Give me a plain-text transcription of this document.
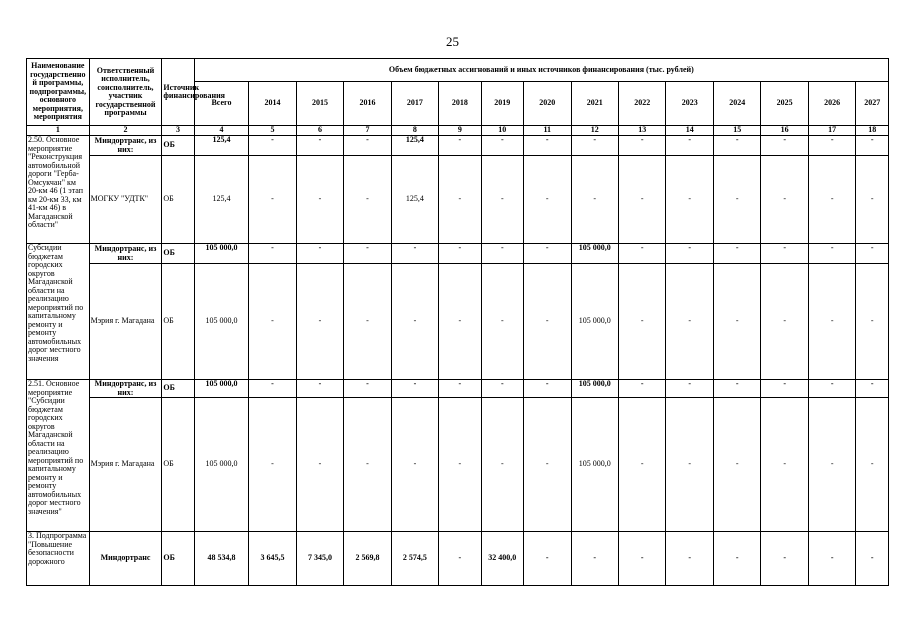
25
Наименование государственно й программы, подпрограммы, основного мероприятия, мероприятия	Ответственный исполнитель, соисполнитель, участник государственной программы	Источник финансирования	Объем бюджетных ассигнований и иных источников финансирования (тыс. рублей)														
			Всего	2014	2015	2016	2017	2018	2019	2020	2021	2022	2023	2024	2025	2026	2027
1	2	3	4	5	6	7	8	9	10	11	12	13	14	15	16	17	18
2.50. Основное мероприятие "Реконструкция автомобильной дороги "Герба-Омсукчан" км 20-км 46 (1 этап км 20-км 33, км 41-км 46) в Магаданской области"	Миндортранс, из них:	ОБ	125,4	-	-	-	125,4	-	-	-	-	-	-	-	-	-	-
	МОГКУ "УДТК"	ОБ	125,4	-	-	-	125,4	-	-	-	-	-	-	-	-	-	-
Субсидии бюджетам городских округов Магаданской области на реализацию мероприятий по капитальному ремонту и ремонту автомобильных дорог местного значения	Миндортранс, из них:	ОБ	105 000,0	-	-	-	-	-	-	-	105 000,0	-	-	-	-	-	-
	Мэрия г. Магадана	ОБ	105 000,0	-	-	-	-	-	-	-	105 000,0	-	-	-	-	-	-
2.51. Основное мероприятие "Субсидии бюджетам городских округов Магаданской области на реализацию мероприятий по капитальному ремонту и ремонту автомобильных дорог местного значения"	Миндортранс, из них:	ОБ	105 000,0	-	-	-	-	-	-	-	105 000,0	-	-	-	-	-	-
	Мэрия г. Магадана	ОБ	105 000,0	-	-	-	-	-	-	-	105 000,0	-	-	-	-	-	-
3. Подпрограмма "Повышение безопасности дорожного	Миндортранс	ОБ	48 534,8	3 645,5	7 345,0	2 569,8	2 574,5	-	32 400,0	-	-	-	-	-	-	-	-
